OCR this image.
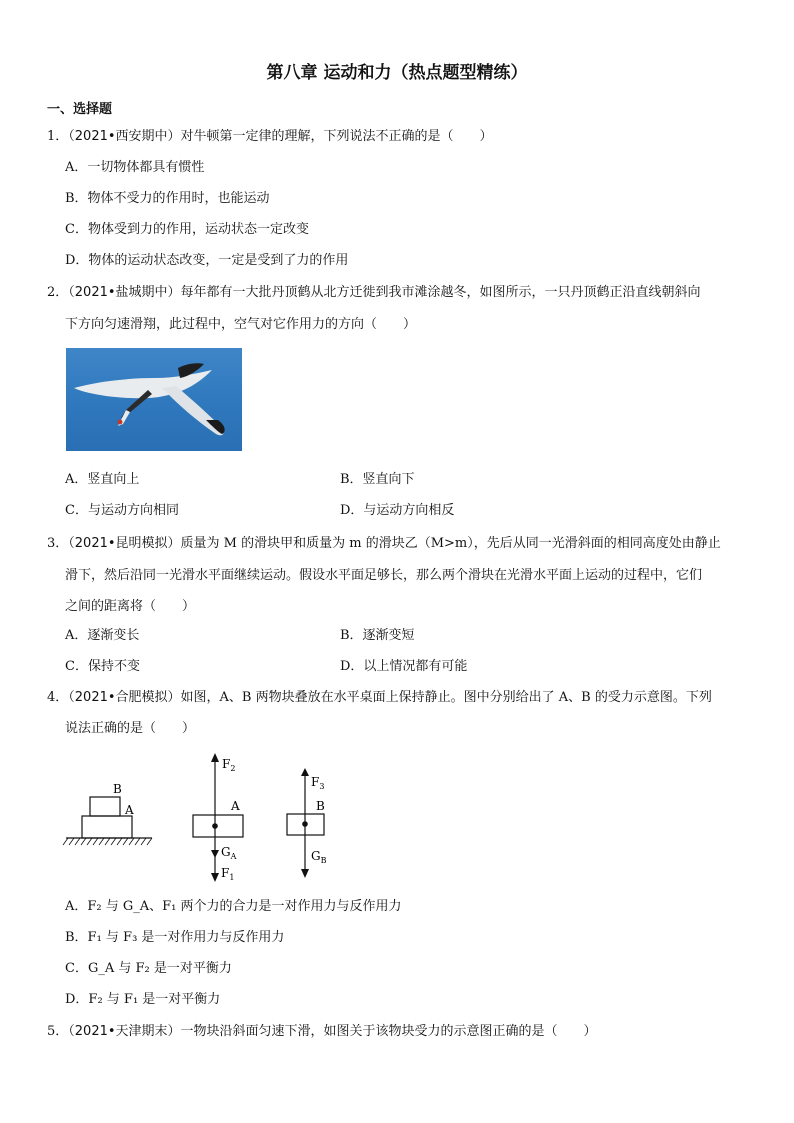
第八章 运动和力（热点题型精练）
一、选择题
1．（2021•西安期中）对牛顿第一定律的理解，下列说法不正确的是（　　）
A．一切物体都具有惯性
B．物体不受力的作用时，也能运动
C．物体受到力的作用，运动状态一定改变
D．物体的运动状态改变，一定是受到了力的作用
2．（2021•盐城期中）每年都有一大批丹顶鹤从北方迁徙到我市滩涂越冬，如图所示，一只丹顶鹤正沿直线朝斜向
下方向匀速滑翔，此过程中，空气对它作用力的方向（　　）
A．竖直向上	B．竖直向下
C．与运动方向相同	D．与运动方向相反
3．（2021•昆明模拟）质量为 M 的滑块甲和质量为 m 的滑块乙（M>m），先后从同一光滑斜面的相同高度处由静止
滑下，然后沿同一光滑水平面继续运动。假设水平面足够长，那么两个滑块在光滑水平面上运动的过程中，它们
之间的距离将（　　）
A．逐渐变长	B．逐渐变短
C．保持不变	D．以上情况都有可能
4．（2021•合肥模拟）如图，A、B 两物块叠放在水平桌面上保持静止。图中分别给出了 A、B 的受力示意图。下列
说法正确的是（　　）
B
A
$F_2$
A
$G_A$
$F_1$
$F_3$
B
$G_B$
A．F₂ 与 G_A、F₁ 两个力的合力是一对作用力与反作用力
B．F₁ 与 F₃ 是一对作用力与反作用力
C．G_A 与 F₂ 是一对平衡力
D．F₂ 与 F₁ 是一对平衡力
5．（2021•天津期末）一物块沿斜面匀速下滑，如图关于该物块受力的示意图正确的是（　　）
